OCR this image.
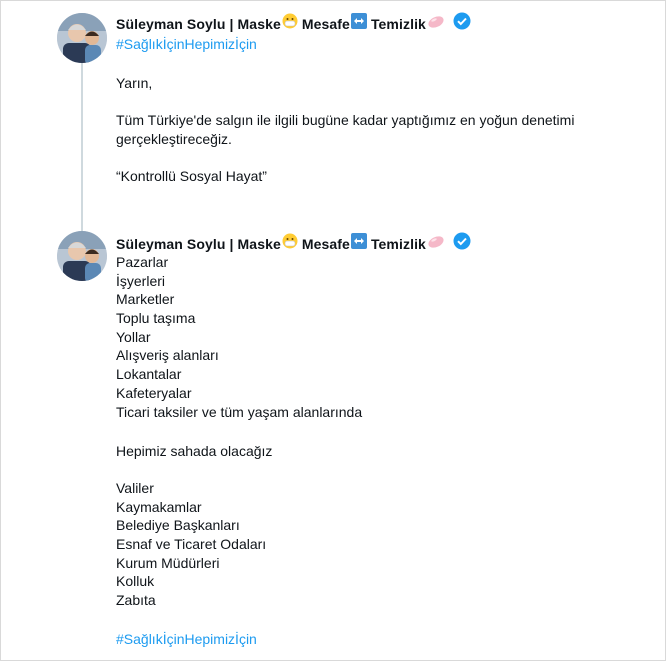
Süleyman Soylu | Maske Mesafe Temizlik
#SağlıkİçinHepimizİçin
Yarın,
Tüm Türkiye'de salgın ile ilgili bugüne kadar yaptığımız en yoğun denetimi
gerçekleştireceğiz.
“Kontrollü Sosyal Hayat”
Süleyman Soylu | Maske Mesafe Temizlik
Pazarlar
İşyerleri
Marketler
Toplu taşıma
Yollar
Alışveriş alanları
Lokantalar
Kafeteryalar
Ticari taksiler ve tüm yaşam alanlarında
Hepimiz sahada olacağız
Valiler
Kaymakamlar
Belediye Başkanları
Esnaf ve Ticaret Odaları
Kurum Müdürleri
Kolluk
Zabıta
#SağlıkİçinHepimizİçin
